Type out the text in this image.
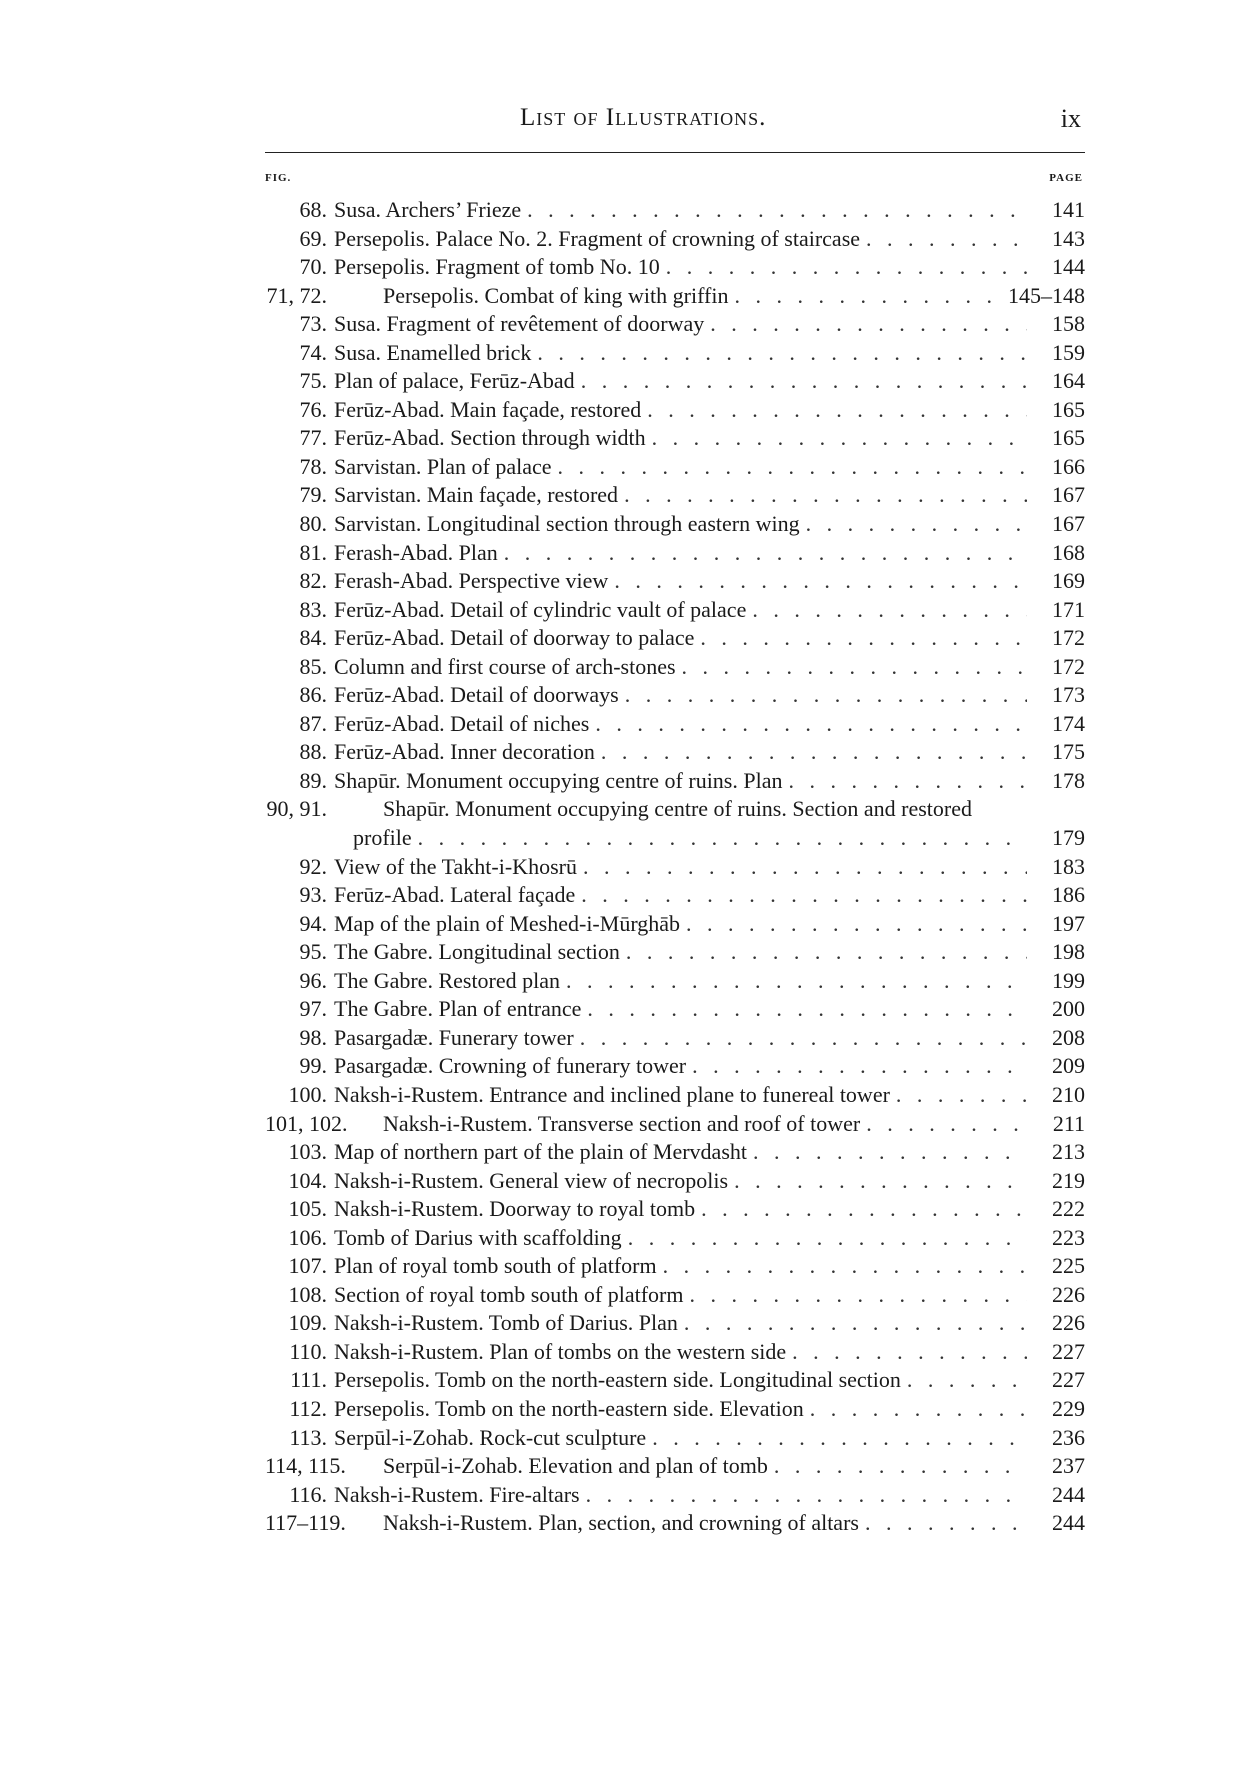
List of Illustrations.	ix
FIG.	PAGE
68. Susa. Archers’ Frieze . . .	141
69. Persepolis. Palace No. 2. Fragment of crowning of staircase . . .	143
70. Persepolis. Fragment of tomb No. 10 . . .	144
71, 72.	Persepolis. Combat of king with griffin . . .	145–148
73. Susa. Fragment of revêtement of doorway . . .	158
74. Susa. Enamelled brick . . .	159
75. Plan of palace, Ferūz-Abad . . .	164
76. Ferūz-Abad. Main façade, restored . . .	165
77. Ferūz-Abad. Section through width . . .	165
78. Sarvistan. Plan of palace . . .	166
79. Sarvistan. Main façade, restored . . .	167
80. Sarvistan. Longitudinal section through eastern wing . . .	167
81. Ferash-Abad. Plan . . .	168
82. Ferash-Abad. Perspective view . . .	169
83. Ferūz-Abad. Detail of cylindric vault of palace . . .	171
84. Ferūz-Abad. Detail of doorway to palace . . .	172
85. Column and first course of arch-stones . . .	172
86. Ferūz-Abad. Detail of doorways . . .	173
87. Ferūz-Abad. Detail of niches . . .	174
88. Ferūz-Abad. Inner decoration . . .	175
89. Shapūr. Monument occupying centre of ruins. Plan . . .	178
90, 91.	Shapūr. Monument occupying centre of ruins. Section and restored
profile . . .	179
92. View of the Takht-i-Khosrū . . .	183
93. Ferūz-Abad. Lateral façade . . .	186
94. Map of the plain of Meshed-i-Mūrghāb . . .	197
95. The Gabre. Longitudinal section . . .	198
96. The Gabre. Restored plan . . .	199
97. The Gabre. Plan of entrance . . .	200
98. Pasargadæ. Funerary tower . . .	208
99. Pasargadæ. Crowning of funerary tower . . .	209
100. Naksh-i-Rustem. Entrance and inclined plane to funereal tower . . .	210
101, 102. Naksh-i-Rustem. Transverse section and roof of tower . . .	211
103. Map of northern part of the plain of Mervdasht . . .	213
104. Naksh-i-Rustem. General view of necropolis . . .	219
105. Naksh-i-Rustem. Doorway to royal tomb . . .	222
106. Tomb of Darius with scaffolding . . .	223
107. Plan of royal tomb south of platform . . .	225
108. Section of royal tomb south of platform . . .	226
109. Naksh-i-Rustem. Tomb of Darius. Plan . . .	226
110. Naksh-i-Rustem. Plan of tombs on the western side . . .	227
111. Persepolis. Tomb on the north-eastern side. Longitudinal section . . .	227
112. Persepolis. Tomb on the north-eastern side. Elevation . . .	229
113. Serpūl-i-Zohab. Rock-cut sculpture . . .	236
114, 115. Serpūl-i-Zohab. Elevation and plan of tomb . . .	237
116. Naksh-i-Rustem. Fire-altars . . .	244
117–119. Naksh-i-Rustem. Plan, section, and crowning of altars . . .	244
